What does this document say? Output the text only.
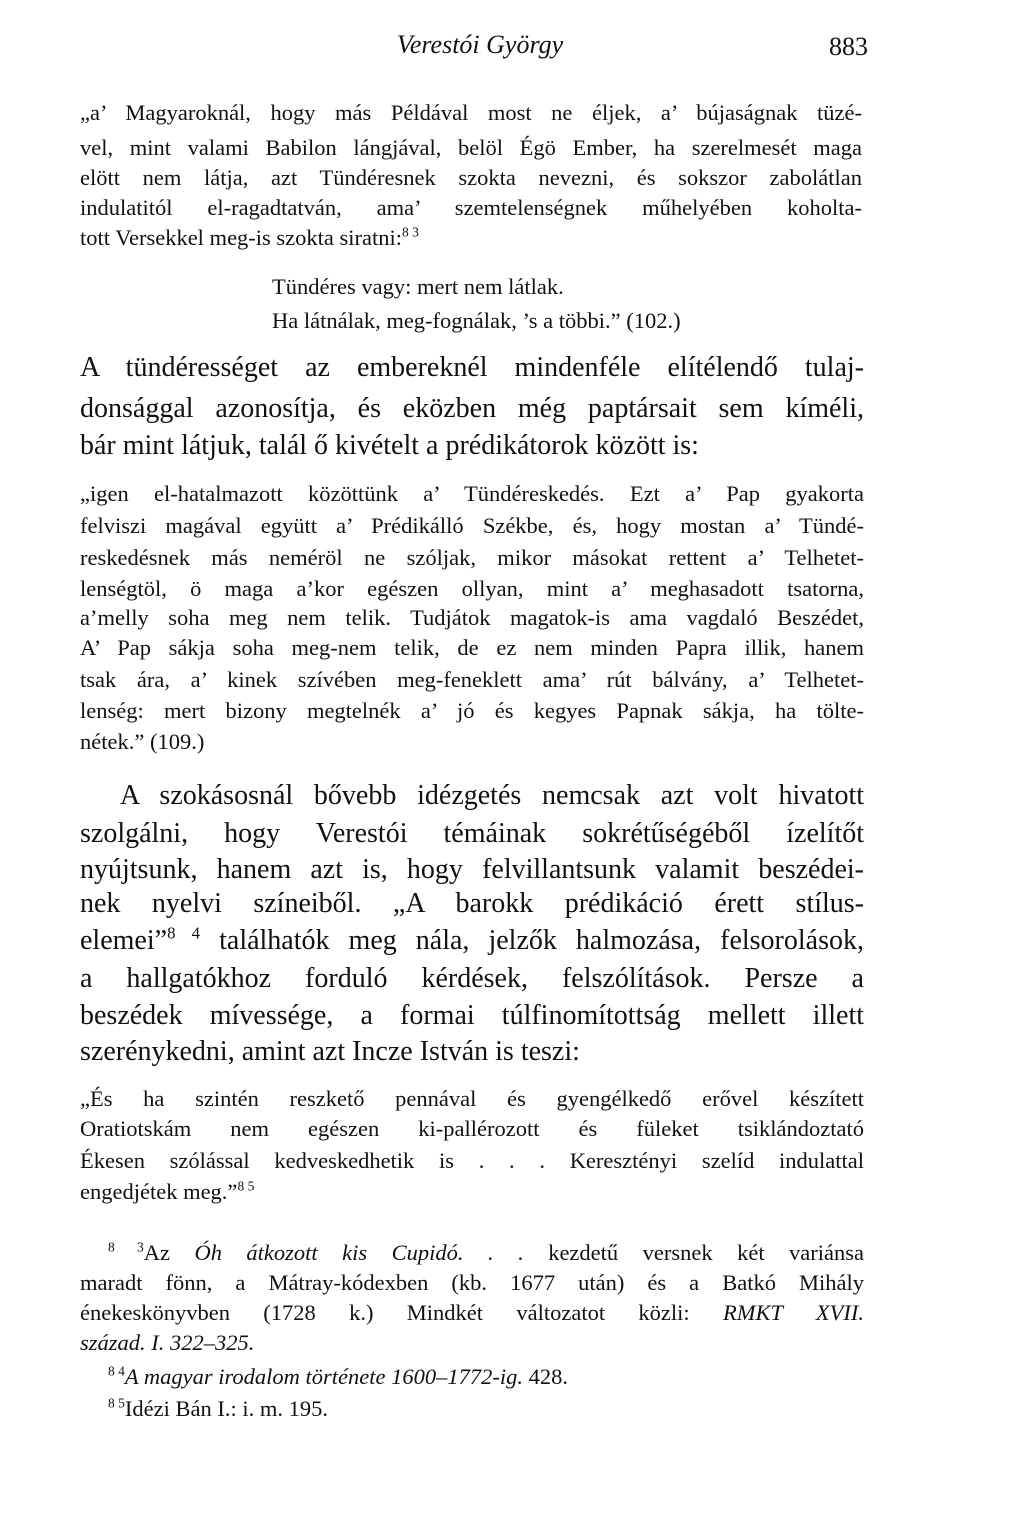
Verestói György	883
„a’ Magyaroknál, hogy más Példával most ne éljek, a’ bújaságnak tüzé-
vel, mint valami Babilon lángjával, belöl Égö Ember, ha szerelmesét maga
elött nem látja, azt Tündéresnek szokta nevezni, és sokszor zabolátlan
indulatitól el-ragadtatván, ama’ szemtelenségnek műhelyében koholta-
tott Versekkel meg-is szokta siratni:$^{8 3}$
Tündéres vagy: mert nem látlak.
Ha látnálak, meg-fognálak, ’s a többi.” (102.)
A tündérességet az embereknél mindenféle elítélendő tulaj-
donsággal azonosítja, és eközben még paptársait sem kíméli,
bár mint látjuk, talál ő kivételt a prédikátorok között is:
„igen el-hatalmazott közöttünk a’ Tündéreskedés. Ezt a’ Pap gyakorta
felviszi magával együtt a’ Prédikálló Székbe, és, hogy mostan a’ Tündé-
reskedésnek más neméröl ne szóljak, mikor másokat rettent a’ Telhetet-
lenségtöl, ö maga a’kor egészen ollyan, mint a’ meghasadott tsatorna,
a’melly soha meg nem telik. Tudjátok magatok-is ama vagdaló Beszédet,
A’ Pap sákja soha meg-nem telik, de ez nem minden Papra illik, hanem
tsak ára, a’ kinek szívében meg-feneklett ama’ rút bálvány, a’ Telhetet-
lenség: mert bizony megtelnék a’ jó és kegyes Papnak sákja, ha tölte-
nétek.” (109.)
A szokásosnál bővebb idézgetés nemcsak azt volt hivatott
szolgálni, hogy Verestói témáinak sokrétűségéből ízelítőt
nyújtsunk, hanem azt is, hogy felvillantsunk valamit beszédei-
nek nyelvi színeiből. „A barokk prédikáció érett stílus-
elemei”$^{8 4}$ találhatók meg nála, jelzők halmozása, felsorolások,
a hallgatókhoz forduló kérdések, felszólítások. Persze a
beszédek mívessége, a formai túlfinomítottság mellett illett
szerénykedni, amint azt Incze István is teszi:
„És ha szintén reszkető pennával és gyengélkedő erővel készített
Oratiotskám nem egészen ki-pallérozott és füleket tsiklándoztató
Ékesen szólással kedveskedhetik is . . . Keresztényi szelíd indulattal
engedjétek meg.”$^{8 5}$
$^{8 3}$Az Óh átkozott kis Cupidó. . . kezdetű versnek két variánsa
maradt fönn, a Mátray-kódexben (kb. 1677 után) és a Batkó Mihály
énekeskönyvben (1728 k.) Mindkét változatot közli: RMKT XVII.
század. I. 322–325.
$^{8 4}$A magyar irodalom története 1600–1772-ig. 428.
$^{8 5}$Idézi Bán I.: i. m. 195.
